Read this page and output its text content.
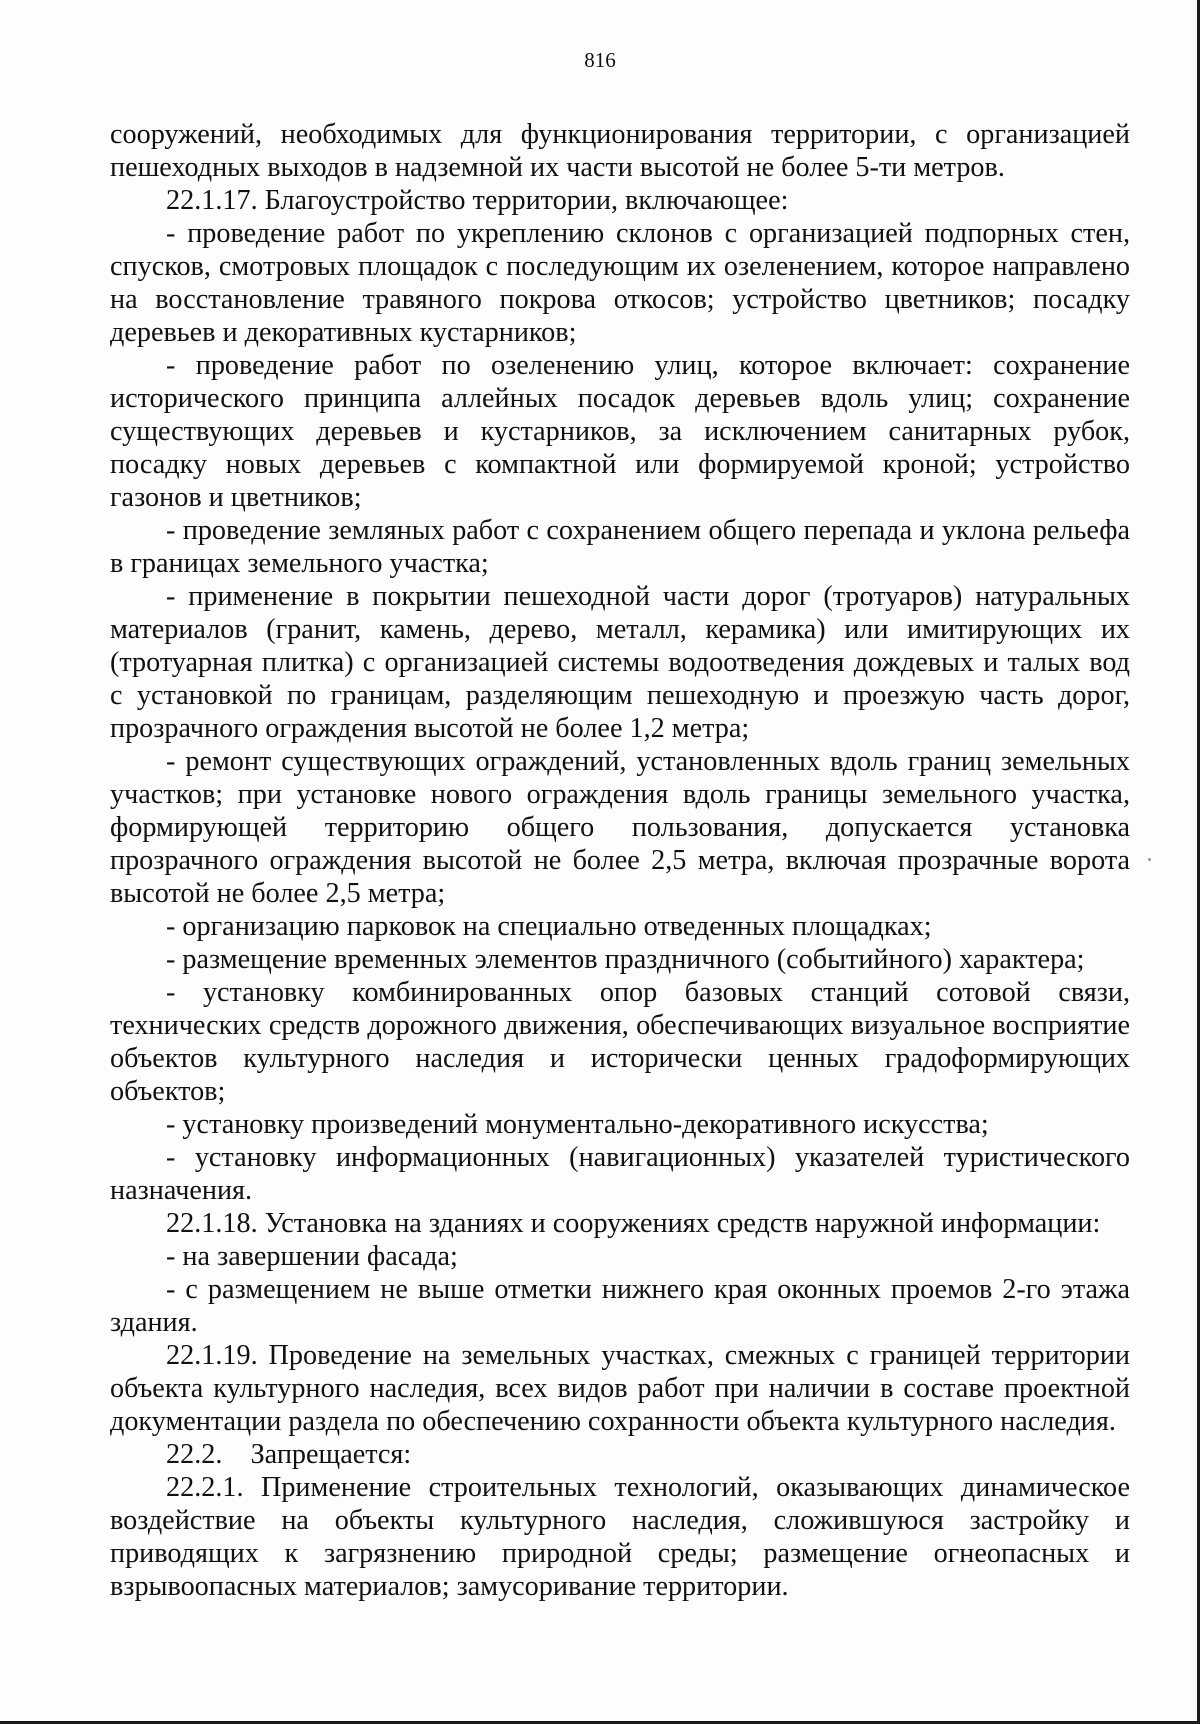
816

сооружений, необходимых для функционирования территории, с организацией пешеходных выходов в надземной их части высотой не более 5-ти метров.

22.1.17. Благоустройство территории, включающее:

- проведение работ по укреплению склонов с организацией подпорных стен, спусков, смотровых площадок с последующим их озеленением, которое направлено на восстановление травяного покрова откосов; устройство цветников; посадку деревьев и декоративных кустарников;

- проведение работ по озеленению улиц, которое включает: сохранение исторического принципа аллейных посадок деревьев вдоль улиц; сохранение существующих деревьев и кустарников, за исключением санитарных рубок, посадку новых деревьев с компактной или формируемой кроной; устройство газонов и цветников;

- проведение земляных работ с сохранением общего перепада и уклона рельефа в границах земельного участка;

- применение в покрытии пешеходной части дорог (тротуаров) натуральных материалов (гранит, камень, дерево, металл, керамика) или имитирующих их (тротуарная плитка) с организацией системы водоотведения дождевых и талых вод с установкой по границам, разделяющим пешеходную и проезжую часть дорог, прозрачного ограждения высотой не более 1,2 метра;

- ремонт существующих ограждений, установленных вдоль границ земельных участков; при установке нового ограждения вдоль границы земельного участка, формирующей территорию общего пользования, допускается установка прозрачного ограждения высотой не более 2,5 метра, включая прозрачные ворота высотой не более 2,5 метра;

- организацию парковок на специально отведенных площадках;

- размещение временных элементов праздничного (событийного) характера;

- установку комбинированных опор базовых станций сотовой связи, технических средств дорожного движения, обеспечивающих визуальное восприятие объектов культурного наследия и исторически ценных градоформирующих объектов;

- установку произведений монументально-декоративного искусства;

- установку информационных (навигационных) указателей туристического назначения.

22.1.18. Установка на зданиях и сооружениях средств наружной информации:

- на завершении фасада;

- с размещением не выше отметки нижнего края оконных проемов 2-го этажа здания.

22.1.19. Проведение на земельных участках, смежных с границей территории объекта культурного наследия, всех видов работ при наличии в составе проектной документации раздела по обеспечению сохранности объекта культурного наследия.

22.2.    Запрещается:

22.2.1. Применение строительных технологий, оказывающих динамическое воздействие на объекты культурного наследия, сложившуюся застройку и приводящих к загрязнению природной среды; размещение огнеопасных и взрывоопасных материалов; замусоривание территории.
